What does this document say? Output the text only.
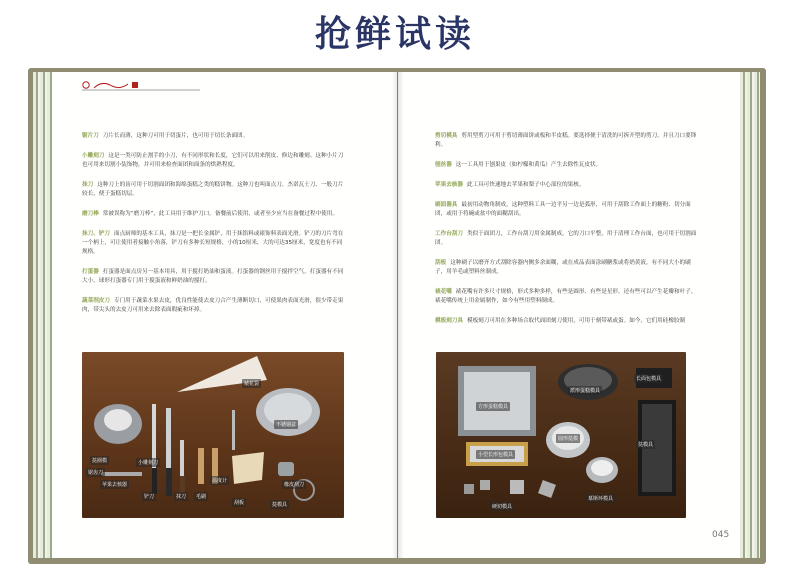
抢鲜试读
锯片刀 刀片长而薄，这种刀可用于切蛋片，也可用于切长条面团。
小雕刻刀 这是一类可防止割手的小刀，有不同形状和长度，它们可以用来削皮、修边和雕刻。这种小片刀也可用来切割小装饰物，并可用来检查面团和面条的烘熟程度。
抹刀 这种刀上的齿可用于切割面团和海绵蛋糕之类的糕饼物。这种刀也叫面点刀、杰诺瓦士刀、一般刀片较长，便于蛋糕切层。
磨刀棒 常被误称为“磨刀棒”，此工具用于维护刀口。备餐前后使用，或者至少应当在备餐过程中使用。
抹刀、铲刀 面点厨师的基本工具，抹刀是一把长金属铲，用于抹馅料或裱饰料表面光滑。铲刀的刀片弯在一个柄上，可让使用者接触小角落，铲刀有多种长短规格，小的10厘米，大的可达35厘米，宽度也有不同规格。
打蛋器 打蛋器是面点房另一基本用具，用于搅打奶油和蛋液。打蛋器的钢丝用于搅拌空气，打蛋器有不同大小，球形打蛋器专门用于搅蛋液和鲜奶油的搅打。
蔬菜削皮刀 专门用于蔬菜水果去皮，优良性能使去皮刀合产生薄断切口，可使果肉表面光滑，很少带走果肉，带尖头的去皮刀可用来去除表面瑕疵和坏掉。
剪切模具 剪用型剪刀可用于剪切薄面饼或板和半皮糕。要选择便于清洗的可拆开型的剪刀，并且刀口要锋利。
刨丝器 这一工具用于刨果皮（如柠檬和黄瓜）产生去除性瓦皮状。
苹果去核器 此工具可快速地去苹果和梨子中心部位的果核。
刷面器具 最初用动物角制成，这种塑料工具一边平另一边是弧形，可用于刮除工作面上的糖粉、切分面团，或用于将碗或盆中的面糊刮出。
工作台刮刀 类似于面团刀，工作台刮刀用金属制成，它的刀口平整，用于清理工作台面，也可用于切割面团。
刮板 这种刷子以磨齐方式刮除容器内侧多余面糊，或在成品表面涂刷糖浆或将奶黄液。有不同大小的刷子，用羊毛或塑料丝制成。
裱花嘴 裱花嘴有许多尺寸规格，形式多种多样，有些是圆形、有些是星形，还有些可以产生花瓣和叶子。裱花嘴传统上用金属制作，如今有些用塑料制成。
模板刻刀具 模板刻刀可用在多种场合取代面团刻刀使用，可用于刻带裱或蛋。如今，它们用硅橡胶制
裱花袋
不锈钢盆
挞圈模	小雕刻刀
苹果去核器
抹刀
铲刀
锯齿刀
毛刷
刮板
温度计
橡皮刮刀
挞模具
方形蛋糕模具
派形蛋糕模具
长面包模具
小型长形包模具
圆形挞模
慕斯环模具
硬切模具
挞模具
045
